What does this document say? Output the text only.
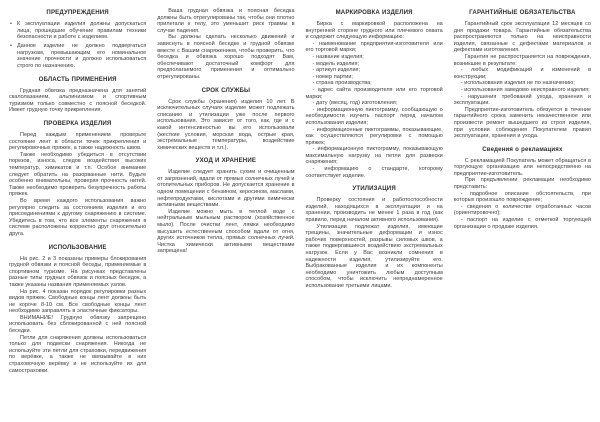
ПРЕДУПРЕЖДЕНИЯ
• К эксплуатации изделия должны допускаться лица, прошедшие обучение правилам техники безопасности и работе с изделием.
• Данное изделие не должно подвергаться нагрузкам, превышающим его номинальное значение прочности и должно использоваться строго по назначению.
ОБЛАСТЬ ПРИМЕНЕНИЯ
Грудная обвязка предназначена для занятий скалолазанием, альпинизмом и спортивным туризмом только совместно с поясной беседкой. Имеет грудную точку прикрепления.
ПРОВЕРКА ИЗДЕЛИЯ
Перед каждым применением проверьте состояние лент в области точек прикрепления и регулировочных пряжек, а также надежность швов.
Также необходимо убедиться в отсутствии порезов, износа, следов воздействия высоких температур, химикатов и т.п. Особое внимание следует обратить на разорванные нити. Будьте особенно внимательны, проверяя прочность нитей. Также необходимо проверить безупречность работы пряжек.
Во время каждого использования важно регулярно следить за состоянием изделия и его присоединениями к другому снаряжению в системе. Убедитесь в том, что все элементы снаряжения в системе расположены корректно друг относительно друга.
ИСПОЛЬЗОВАНИЕ
На рис. 2 и 3 показаны примеры блокирования грудной обвязки и поясной беседы, применяемые в спортивном туризме. На рисунках представлены разные типы грудных обвязок и поясных беседок, а также указаны названия применяемых узлов.
На рис. 4 показан порядок регулировки разных видов пряжек. Свободные концы лент должны быть не короче 8-10 см. Все свободные концы лент необходимо заправлять в эластичные фиксаторы.
ВНИМАНИЕ! Грудную обвязку запрещено использовать без сблокированной с ней поясной беседки.
Петли для снаряжения должны использоваться только для подвески снаряжения. Никогда не используйте эти петли для страховки, передвижения по верёвке, а также не ввязывайте в них страховочную верёвку и не используйте их для самостраховки.
Ваша грудная обвязка и поясная беседка должны быть отрегулированы так, чтобы они плотно прилегали к телу, это уменьшит риск травмы в случае падения.
Вы должны сделать несколько движений и зависнуть в поясной беседке и грудной обвязке вместе с Вашим снаряжением, чтобы проверить, что беседка и обвязка хорошо подходят Вам, обеспечивают достаточный комфорт для предполагаемого применения и оптимально отрегулированы.
СРОК СЛУЖБЫ
Срок службы (хранения) изделия 10 лет. В исключительных случаях изделие может подлежать списанию и утилизации уже после первого использования. Это зависит от того, как, где и с какой интенсивностью вы его использовали (жесткие условия, морская вода, острые края, экстремальные температуры, воздействие химических веществ и т.п.).
УХОД И ХРАНЕНИЕ
Изделие следует хранить сухим и очищенным от загрязнений, вдали от прямых солнечных лучей и отопительных приборов. Не допускается хранение в одном помещении с бензином, керосином, маслами, нефтепродуктами, кислотами и другими химически активными веществами.
Изделие можно мыть в теплой воде с нейтральным мыльным раствором (хозяйственное мыло). После очистки лент, лямки необходимо высушить естественным способом вдали от огня, других источников тепла, прямых солнечных лучей. Чистка химически активными веществами запрещена!
МАРКИРОВКА ИЗДЕЛИЯ
Бирка с маркировкой расположена на внутренней стороне грудного или плечевого охвата и содержит следующую информацию:
- наименование предприятия-изготовителя или его торговой марки;
- название изделия;
- модель изделия;
- артикул изделия;
- номер партии;
- страна производства;
- адрес сайта производителя или его торговой марки;
- дату (месяц, год) изготовления;
- информационную пиктограмму, сообщающую о необходимости изучить паспорт перед началом использования изделия;
- информационные пиктограммы, показывающие, как осуществляются регулировки с помощью пряжек;
- информационную пиктограмму, показывающую максимальную нагрузку на петли для развески снаряжения;
- информацию о стандарте, которому соответствует изделие.
УТИЛИЗАЦИЯ
Проверку состояния и работоспособности изделий, находящихся в эксплуатации и на хранении, производить не менее 1 раза в год (как правило, перед началом активного использования).
Утилизации подлежат изделия, имеющие трещины, значительные деформации и износ рабочих поверхностей, разрывы силовых швов, а также подвергавшиеся воздействию экстремальных нагрузок. Если у Вас возникли сомнения в надежности изделия, утилизируйте его. Выбракованные изделия и их компоненты необходимо уничтожить любым доступным способом, чтобы исключить непреднамеренное использование третьими лицами.
ГАРАНТИЙНЫЕ ОБЯЗАТЕЛЬСТВА
Гарантийный срок эксплуатации 12 месяцев со дня продажи товара. Гарантийные обязательства распространяются только на неисправности изделия, связанные с дефектами материалов и дефектами изготовления.
Гарантия не распространяется на повреждения, возникшие в результате:
- любых модификаций и изменений в конструкции;
- использования изделия не по назначению;
- использования заведомо неисправного изделия;
- нарушения требований ухода, хранения и эксплуатации.
Предприятие-изготовитель обязуется в течение гарантийного срока заменить некачественное или произвести ремонт вышедшего из строя изделия, при условии соблюдения Покупателем правил эксплуатации, хранения и ухода.
Сведения о рекламациях
С рекламацией Покупатель может обращаться в торгующую организацию или непосредственно на предприятие-изготовитель.
При предъявлении рекламации необходимо представить:
- подробное описание обстоятельств, при которых произошло повреждение;
- сведения о количестве отработанных часов (ориентировочно);
- паспорт на изделие с отметкой торгующей организации о продаже изделия.
